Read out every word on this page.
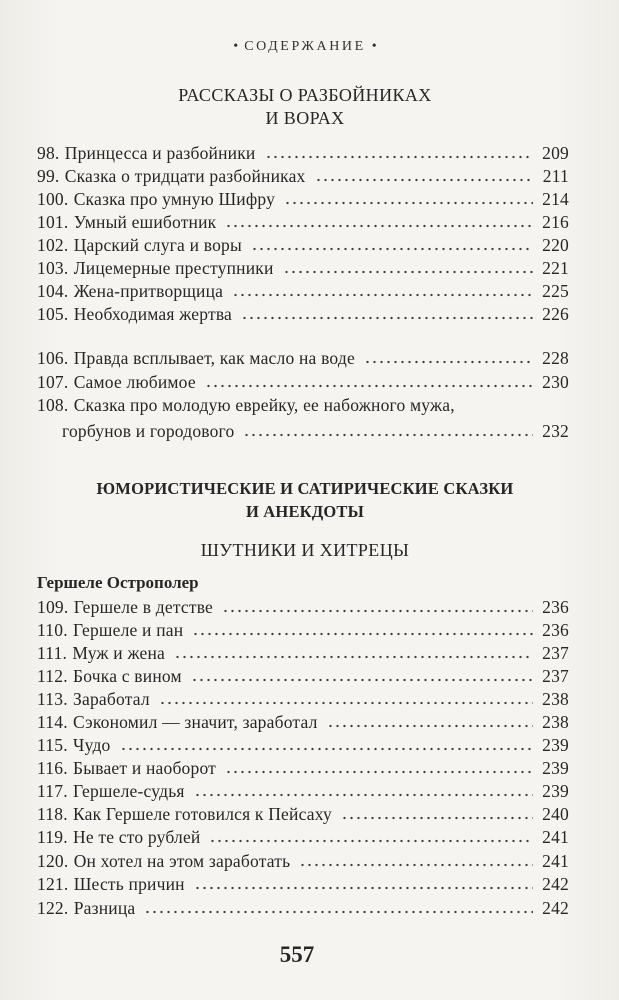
• СОДЕРЖАНИЕ •
РАССКАЗЫ О РАЗБОЙНИКАХ
И ВОРАХ
98. Принцесса и разбойники	209
99. Сказка о тридцати разбойниках	211
100. Сказка про умную Шифру	214
101. Умный ешиботник	216
102. Царский слуга и воры	220
103. Лицемерные преступники	221
104. Жена-притворщица	225
105. Необходимая жертва	226
106. Правда всплывает, как масло на воде	228
107. Самое любимое	230
108. Сказка про молодую еврейку, ее набожного мужа,
горбунов и городового	232
ЮМОРИСТИЧЕСКИЕ И САТИРИЧЕСКИЕ СКАЗКИ
И АНЕКДОТЫ
ШУТНИКИ И ХИТРЕЦЫ
Гершеле Острополер
109. Гершеле в детстве	236
110. Гершеле и пан	236
111. Муж и жена	237
112. Бочка с вином	237
113. Заработал	238
114. Сэкономил — значит, заработал	238
115. Чудо	239
116. Бывает и наоборот	239
117. Гершеле-судья	239
118. Как Гершеле готовился к Пейсаху	240
119. Не те сто рублей	241
120. Он хотел на этом заработать	241
121. Шесть причин	242
122. Разница	242
557
